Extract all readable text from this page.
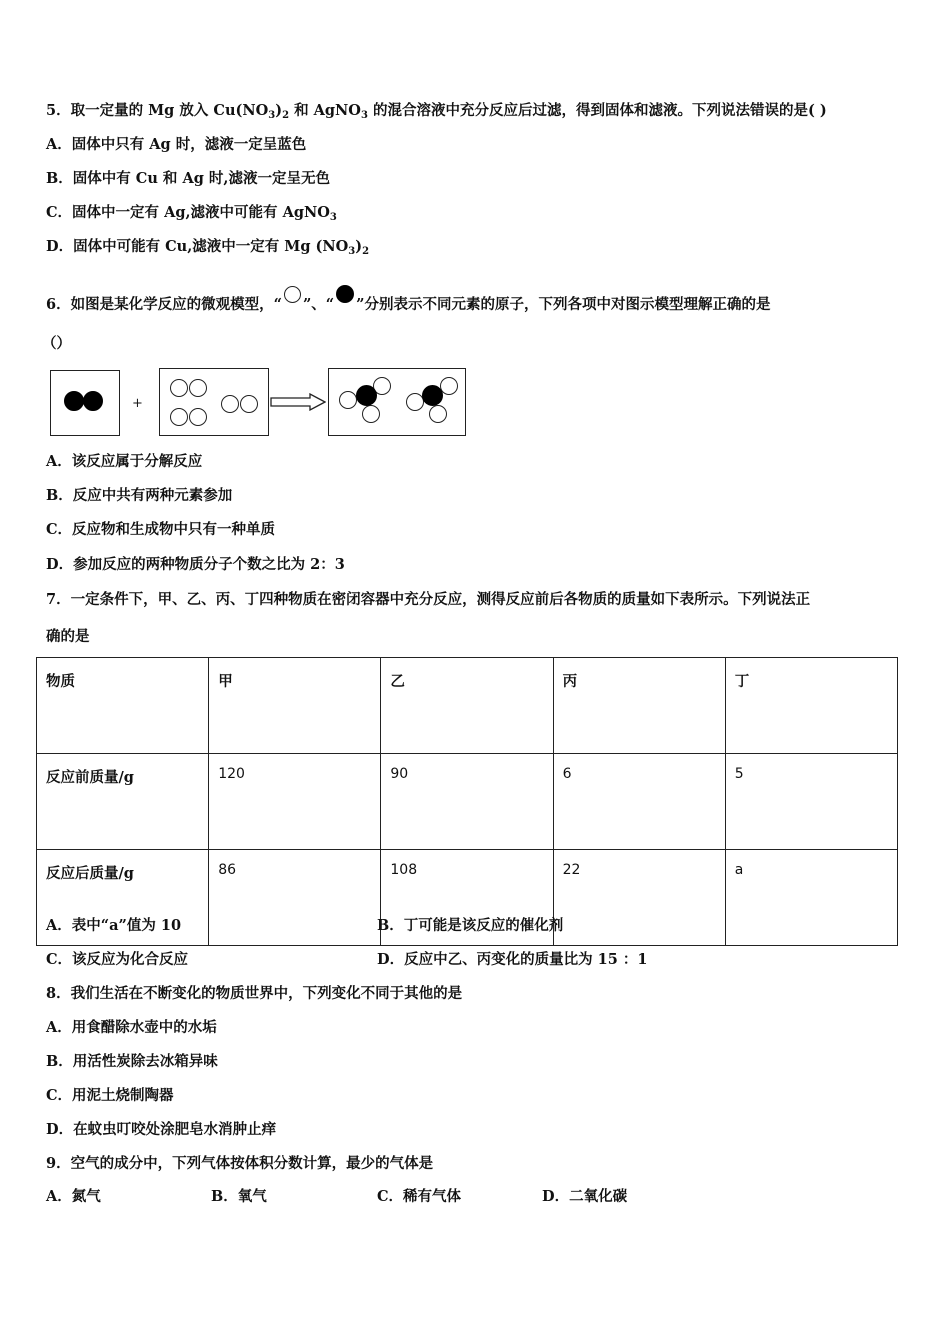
5．取一定量的 Mg 放入 $Cu(NO_3)_2$ 和 AgNO$_3$ 的混合溶液中充分反应后过滤，得到固体和滤液。下列说法错误的是( )
A．固体中只有 Ag 时，滤液一定呈蓝色
B．固体中有 Cu 和 Ag 时,滤液一定呈无色
C．固体中一定有 Ag,滤液中可能有 AgNO$_3$
D．固体中可能有 Cu,滤液中一定有 Mg $(NO_3)_2$
6．如图是某化学反应的微观模型，“ ”、“ ”分别表示不同元素的原子，下列各项中对图示模型理解正确的是
（）
+
A．该反应属于分解反应
B．反应中共有两种元素参加
C．反应物和生成物中只有一种单质
D．参加反应的两种物质分子个数之比为 2：3
7．一定条件下，甲、乙、丙、丁四种物质在密闭容器中充分反应，测得反应前后各物质的质量如下表所示。下列说法正
确的是
物质	甲	乙	丙	丁
反应前质量/g	120	90	6	5
反应后质量/g	86	108	22	a
A．表中“a”值为 10	B．丁可能是该反应的催化剂
C．该反应为化合反应	D．反应中乙、丙变化的质量比为 15 ：1
8．我们生活在不断变化的物质世界中，下列变化不同于其他的是
A．用食醋除水壶中的水垢
B．用活性炭除去冰箱异味
C．用泥土烧制陶器
D．在蚊虫叮咬处涂肥皂水消肿止痒
9．空气的成分中，下列气体按体积分数计算，最少的气体是
A．氮气	B．氧气	C．稀有气体	D．二氧化碳
